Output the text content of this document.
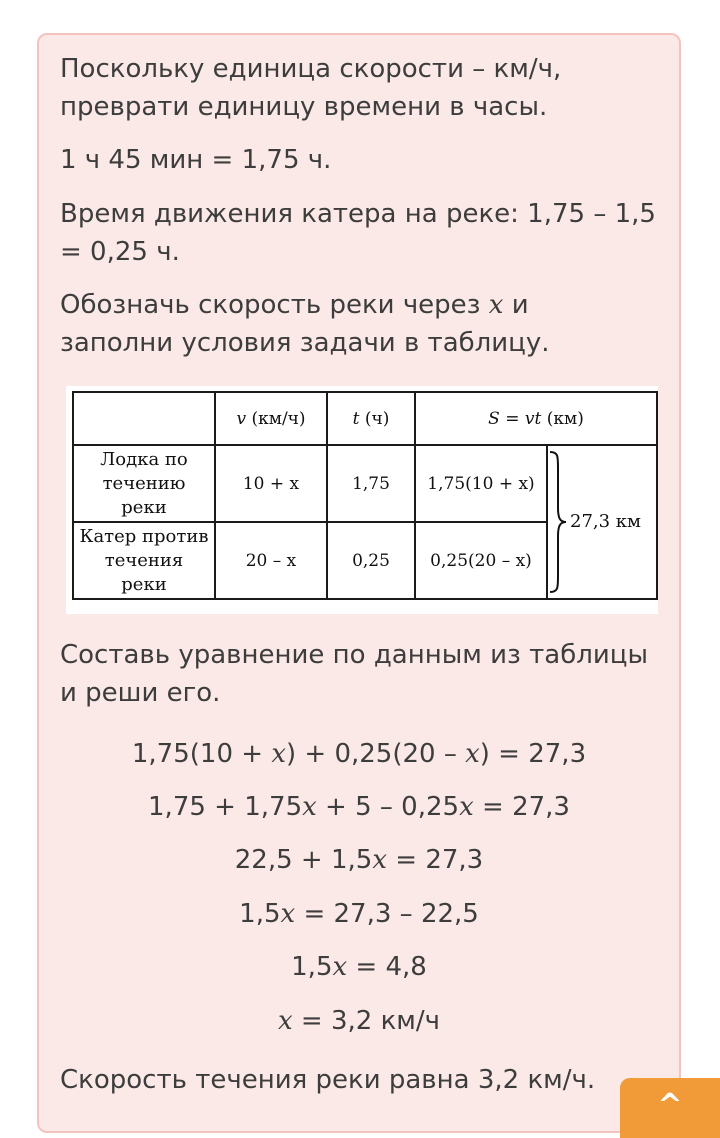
Поскольку единица скорости – км/ч,
преврати единицу времени в часы.

1 ч 45 мин = 1,75 ч.

Время движения катера на реке: 1,75 – 1,5
= 0,25 ч.

Обозначь скорость реки через x и
заполни условия задачи в таблицу.

	v (км/ч)	t (ч)	S = vt (км)	
Лодка по
течению
реки	10 + x	1,75	1,75(10 + x)	27,3 км

Катер против
течения
реки	20 – x	0,25	0,25(20 – x)	

Составь уравнение по данным из таблицы
и реши его.

1,75(10 + x) + 0,25(20 – x) = 27,3

1,75 + 1,75x + 5 – 0,25x = 27,3

22,5 + 1,5x = 27,3

1,5x = 27,3 – 22,5

1,5x = 4,8

x = 3,2 км/ч

Скорость течения реки равна 3,2 км/ч.

^
